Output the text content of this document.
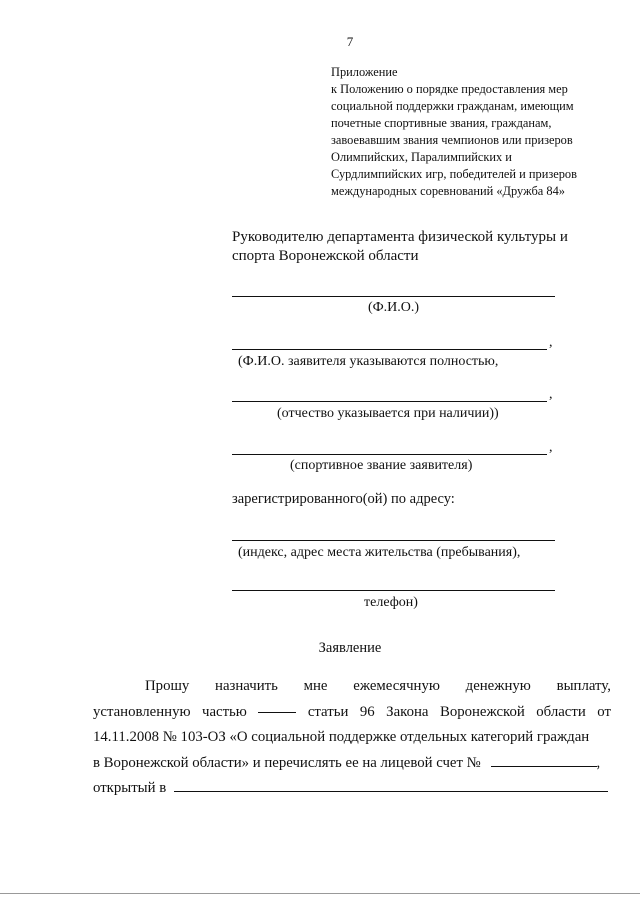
7
Приложение
к Положению о порядке предоставления мер
социальной поддержки гражданам, имеющим
почетные спортивные звания, гражданам,
завоевавшим звания чемпионов или призеров
Олимпийских, Паралимпийских и
Сурдлимпийских игр, победителей и призеров
международных соревнований «Дружба 84»
Руководителю департамента физической культуры и
спорта Воронежской области
(Ф.И.О.)
,
(Ф.И.О. заявителя указываются полностью,
,
(отчество указывается при наличии))
,
(спортивное звание заявителя)
зарегистрированного(ой) по адресу:
(индекс, адрес места жительства (пребывания),
телефон)
Заявление
Прошу назначить мне ежемесячную денежную выплату,
установленную частью	статьи 96 Закона Воронежской области от
14.11.2008 № 103-ОЗ «О социальной поддержке отдельных категорий граждан
в Воронежской области» и перечислять ее на лицевой счет №	,
открытый в
